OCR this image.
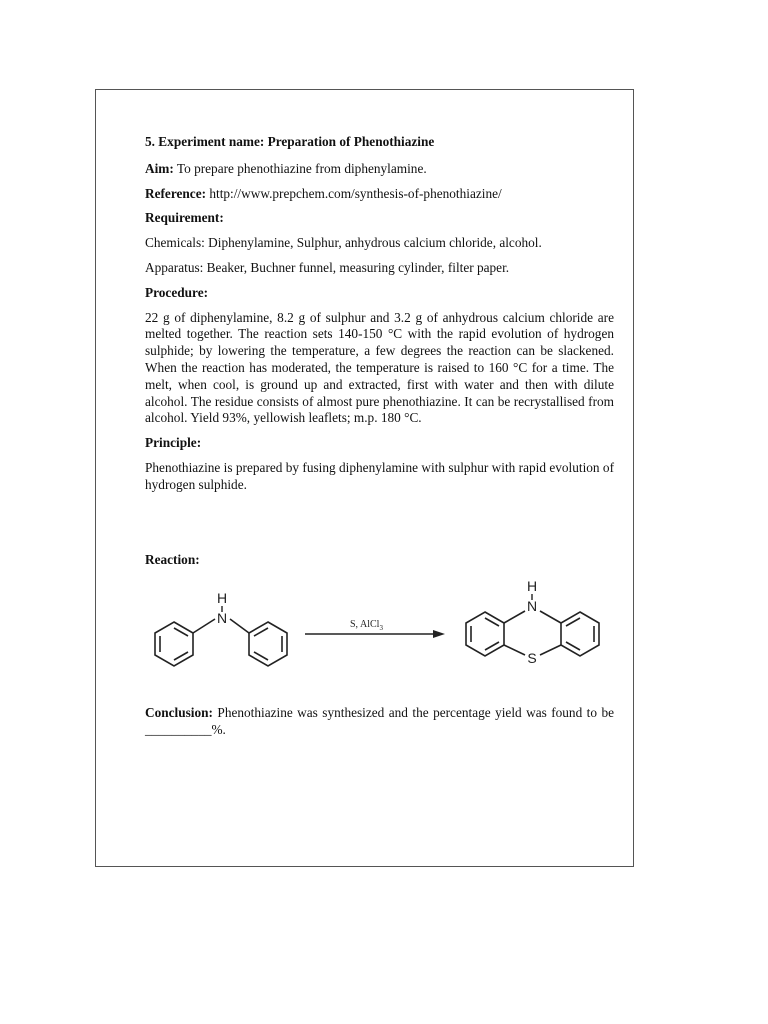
5. Experiment name: Preparation of Phenothiazine

Aim: To prepare phenothiazine from diphenylamine.

Reference: http://www.prepchem.com/synthesis-of-phenothiazine/

Requirement:

Chemicals: Diphenylamine, Sulphur, anhydrous calcium chloride, alcohol.

Apparatus: Beaker, Buchner funnel, measuring cylinder, filter paper.

Procedure:

22 g of diphenylamine, 8.2 g of sulphur and 3.2 g of anhydrous calcium chloride are melted together. The reaction sets 140-150 °C with the rapid evolution of hydrogen sulphide; by lowering the temperature, a few degrees the reaction can be slackened. When the reaction has moderated, the temperature is raised to 160 °C for a time. The melt, when cool, is ground up and extracted, first with water and then with dilute alcohol. The residue consists of almost pure phenothiazine. It can be recrystallised from alcohol. Yield 93%, yellowish leaflets; m.p. 180 °C.

Principle:

Phenothiazine is prepared by fusing diphenylamine with sulphur with rapid evolution of hydrogen sulphide.

Reaction:
N
H
S, AlCl$_3$
N
H
S

Conclusion: Phenothiazine was synthesized and the percentage yield was found to be __________%.
